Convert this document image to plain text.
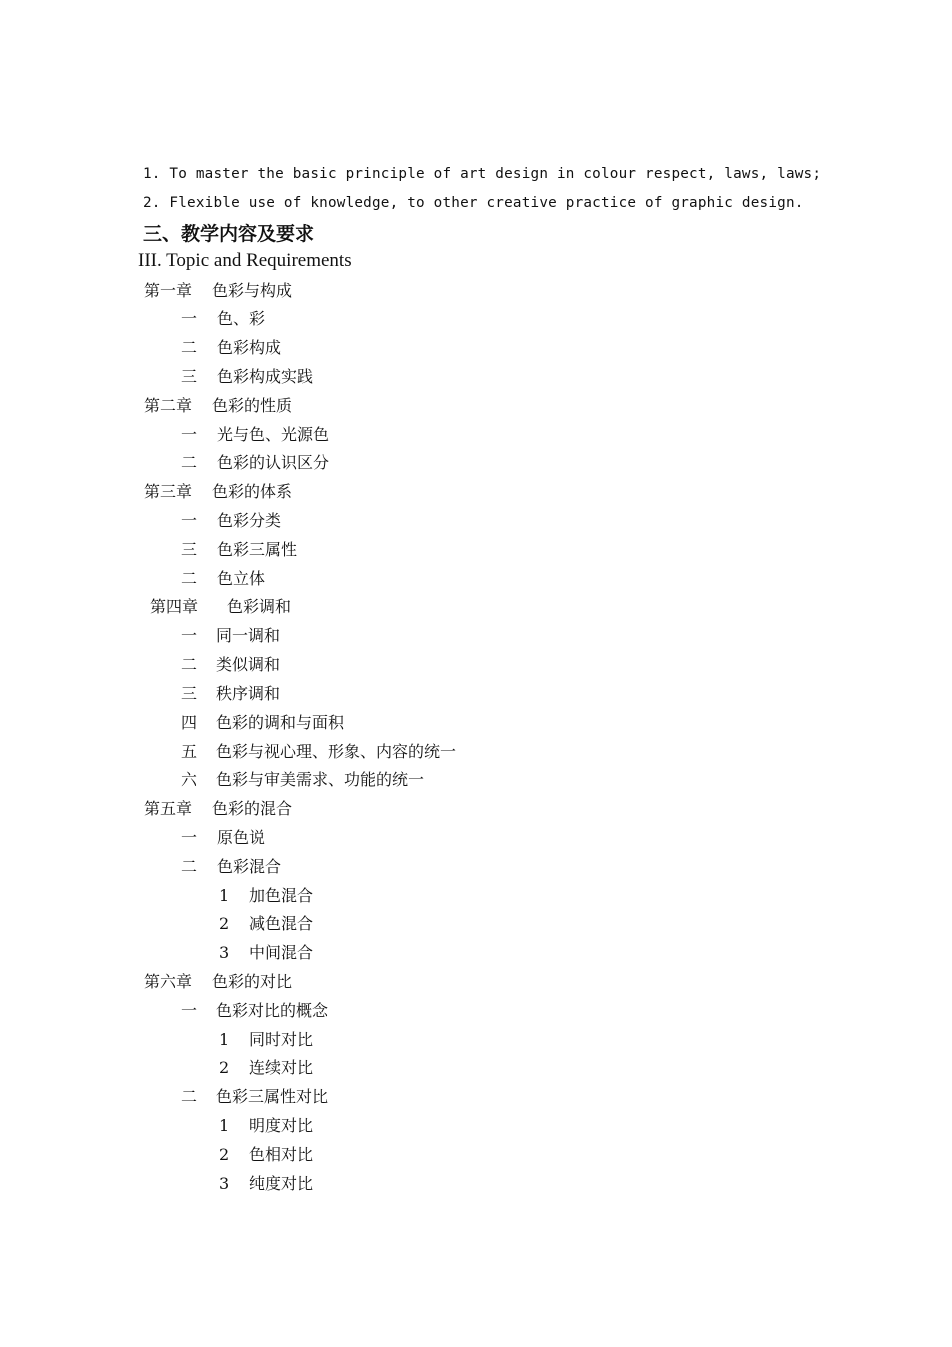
1. To master the basic principle of art design in colour respect, laws, laws;
2. Flexible use of knowledge, to other creative practice of graphic design.
三、教学内容及要求
III. Topic and Requirements
第一章 色彩与构成
一 色、彩
二 色彩构成
三 色彩构成实践
第二章 色彩的性质
一 光与色、光源色
二 色彩的认识区分
第三章 色彩的体系
一 色彩分类
三 色彩三属性
二 色立体
第四章 色彩调和
一 同一调和
二 类似调和
三 秩序调和
四 色彩的调和与面积
五 色彩与视心理、形象、内容的统一
六 色彩与审美需求、功能的统一
第五章 色彩的混合
一 原色说
二 色彩混合
1 加色混合
2 减色混合
3 中间混合
第六章 色彩的对比
一 色彩对比的概念
1 同时对比
2 连续对比
二 色彩三属性对比
1 明度对比
2 色相对比
3 纯度对比
